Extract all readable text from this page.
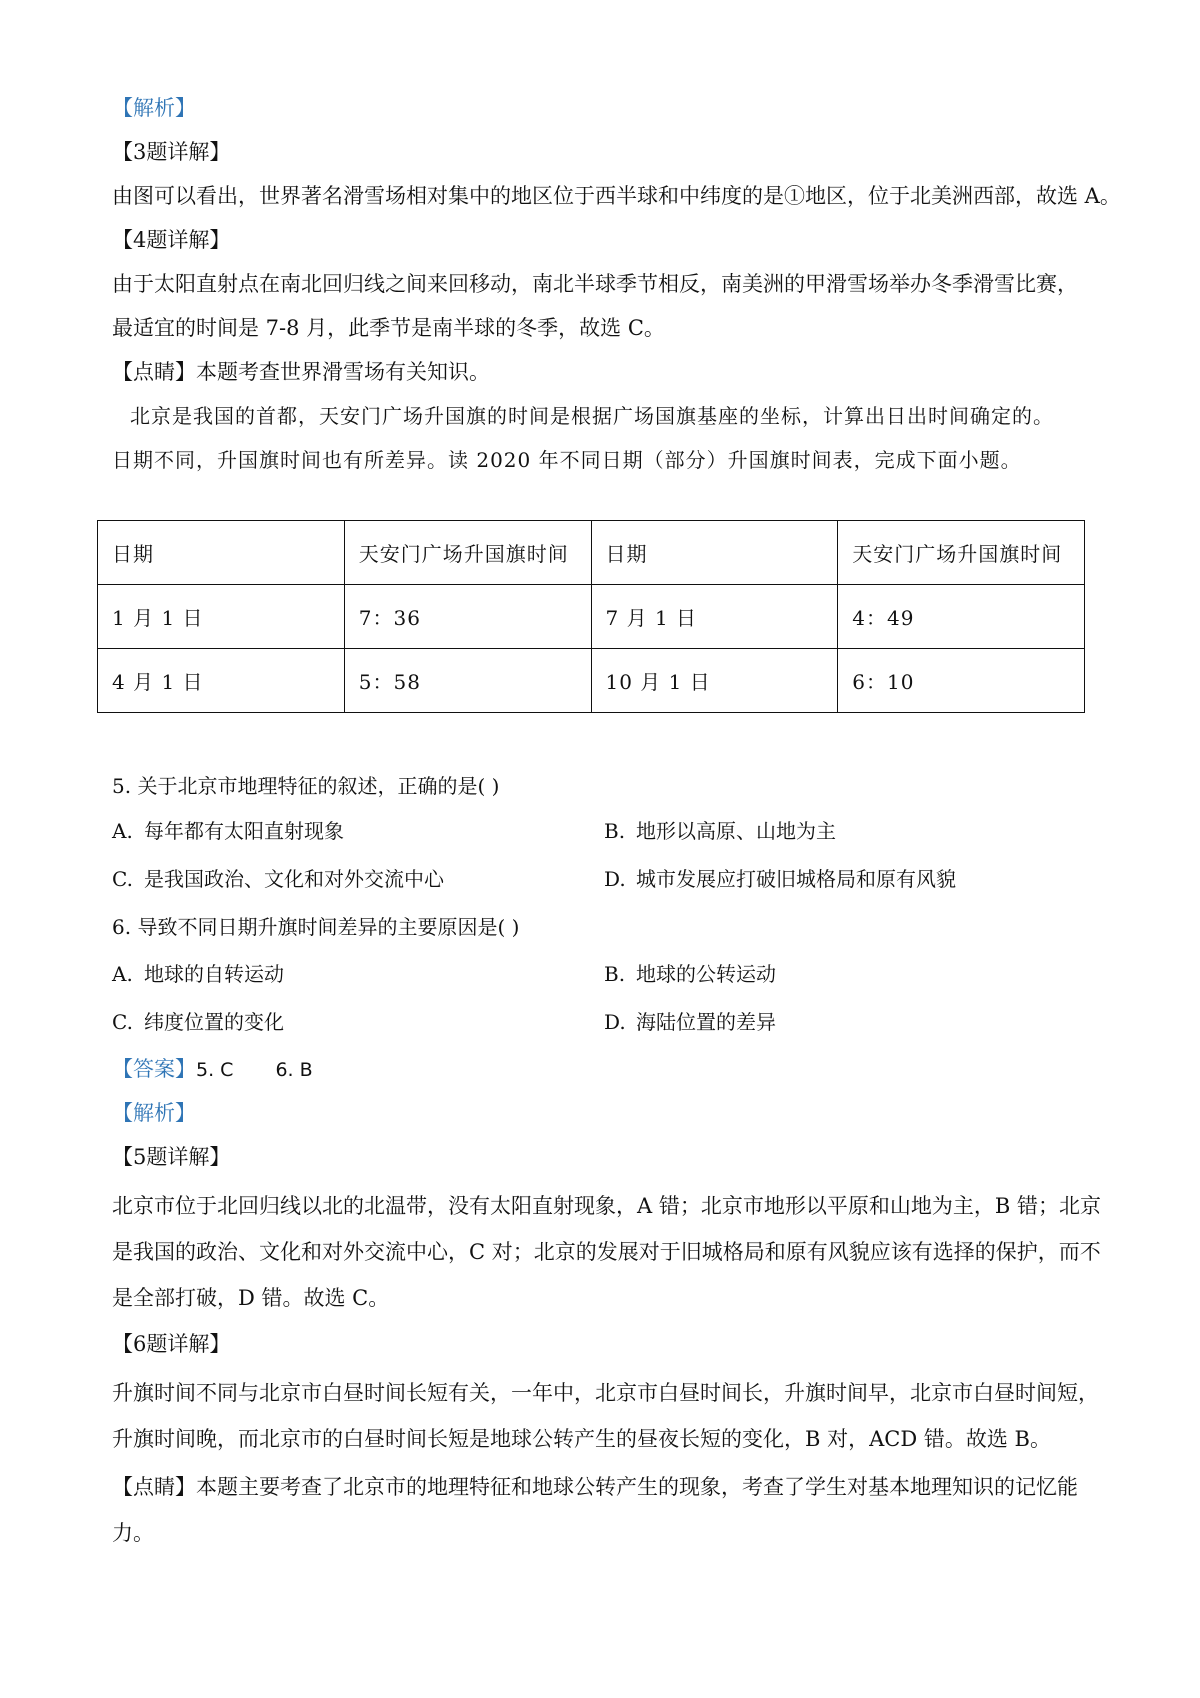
【解析】
【3题详解】
由图可以看出，世界著名滑雪场相对集中的地区位于西半球和中纬度的是①地区，位于北美洲西部，故选 A。
【4题详解】
由于太阳直射点在南北回归线之间来回移动，南北半球季节相反，南美洲的甲滑雪场举办冬季滑雪比赛，
最适宜的时间是 7-8 月，此季节是南半球的冬季，故选 C。
【点睛】本题考查世界滑雪场有关知识。
北京是我国的首都，天安门广场升国旗的时间是根据广场国旗基座的坐标，计算出日出时间确定的。
日期不同，升国旗时间也有所差异。读 2020 年不同日期（部分）升国旗时间表，完成下面小题。
日期	天安门广场升国旗时间	日期	天安门广场升国旗时间
1 月 1 日	7：36	7 月 1 日	4：49
4 月 1 日	5：58	10 月 1 日	6：10
5. 关于北京市地理特征的叙述，正确的是( )
A. 每年都有太阳直射现象	B. 地形以高原、山地为主
C. 是我国政治、文化和对外交流中心	D. 城市发展应打破旧城格局和原有风貌
6. 导致不同日期升旗时间差异的主要原因是( )
A. 地球的自转运动	B. 地球的公转运动
C. 纬度位置的变化	D. 海陆位置的差异
【答案】5. C 6. B
【解析】
【5题详解】
北京市位于北回归线以北的北温带，没有太阳直射现象，A 错；北京市地形以平原和山地为主，B 错；北京
是我国的政治、文化和对外交流中心，C 对；北京的发展对于旧城格局和原有风貌应该有选择的保护，而不
是全部打破，D 错。故选 C。
【6题详解】
升旗时间不同与北京市白昼时间长短有关，一年中，北京市白昼时间长，升旗时间早，北京市白昼时间短，
升旗时间晚，而北京市的白昼时间长短是地球公转产生的昼夜长短的变化，B 对，ACD 错。故选 B。
【点睛】本题主要考查了北京市的地理特征和地球公转产生的现象，考查了学生对基本地理知识的记忆能
力。
